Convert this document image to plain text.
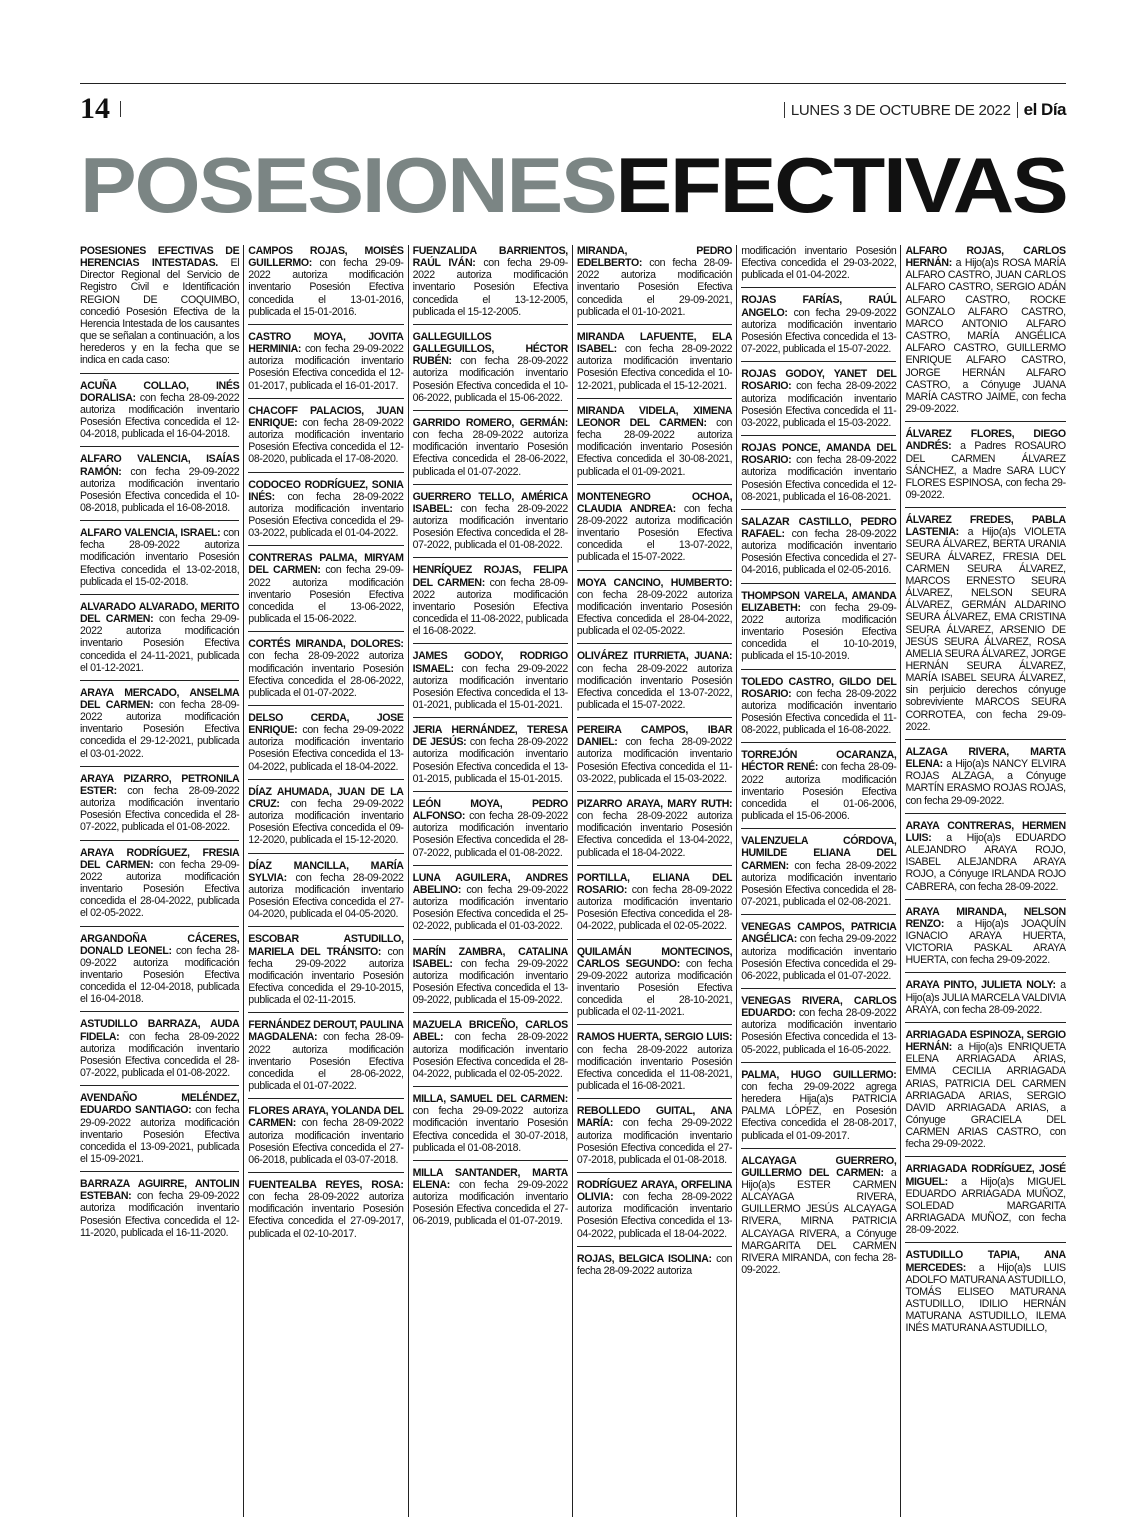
14	LUNES 3 DE OCTUBRE DE 2022 el Día
POSESIONESEFECTIVAS
POSESIONES EFECTIVAS DE HERENCIAS INTESTADAS. El Director Regional del Servicio de Registro Civil e Identificación REGION DE COQUIMBO, concedió Posesión Efectiva de la Herencia Intestada de los causantes que se señalan a continuación, a los herederos y en la fecha que se indica en cada caso:
ACUÑA COLLAO, INÉS DORALISA: con fecha 28-09-2022 autoriza modificación inventario Posesión Efectiva concedida el 12-04-2018, publicada el 16-04-2018.
ALFARO VALENCIA, ISAÍAS RAMÓN: con fecha 29-09-2022 autoriza modificación inventario Posesión Efectiva concedida el 10-08-2018, publicada el 16-08-2018.
ALFARO VALENCIA, ISRAEL: con fecha 28-09-2022 autoriza modificación inventario Posesión Efectiva concedida el 13-02-2018, publicada el 15-02-2018.
ALVARADO ALVARADO, MERITO DEL CARMEN: con fecha 29-09-2022 autoriza modificación inventario Posesión Efectiva concedida el 24-11-2021, publicada el 01-12-2021.
ARAYA MERCADO, ANSELMA DEL CARMEN: con fecha 28-09-2022 autoriza modificación inventario Posesión Efectiva concedida el 29-12-2021, publicada el 03-01-2022.
ARAYA PIZARRO, PETRONILA ESTER: con fecha 28-09-2022 autoriza modificación inventario Posesión Efectiva concedida el 28-07-2022, publicada el 01-08-2022.
ARAYA RODRÍGUEZ, FRESIA DEL CARMEN: con fecha 29-09-2022 autoriza modificación inventario Posesión Efectiva concedida el 28-04-2022, publicada el 02-05-2022.
ARGANDOÑA CÁCERES, DONALD LEONEL: con fecha 28-09-2022 autoriza modificación inventario Posesión Efectiva concedida el 12-04-2018, publicada el 16-04-2018.
ASTUDILLO BARRAZA, AUDA FIDELA: con fecha 28-09-2022 autoriza modificación inventario Posesión Efectiva concedida el 28-07-2022, publicada el 01-08-2022.
AVENDAÑO MELÉNDEZ, EDUARDO SANTIAGO: con fecha 29-09-2022 autoriza modificación inventario Posesión Efectiva concedida el 13-09-2021, publicada el 15-09-2021.
BARRAZA AGUIRRE, ANTOLIN ESTEBAN: con fecha 29-09-2022 autoriza modificación inventario Posesión Efectiva concedida el 12-11-2020, publicada el 16-11-2020.
CAMPOS ROJAS, MOISÉS GUILLERMO: con fecha 29-09-2022 autoriza modificación inventario Posesión Efectiva concedida el 13-01-2016, publicada el 15-01-2016.
CASTRO MOYA, JOVITA HERMINIA: con fecha 29-09-2022 autoriza modificación inventario Posesión Efectiva concedida el 12-01-2017, publicada el 16-01-2017.
CHACOFF PALACIOS, JUAN ENRIQUE: con fecha 28-09-2022 autoriza modificación inventario Posesión Efectiva concedida el 12-08-2020, publicada el 17-08-2020.
CODOCEO RODRÍGUEZ, SONIA INÉS: con fecha 28-09-2022 autoriza modificación inventario Posesión Efectiva concedida el 29-03-2022, publicada el 01-04-2022.
CONTRERAS PALMA, MIRYAM DEL CARMEN: con fecha 29-09-2022 autoriza modificación inventario Posesión Efectiva concedida el 13-06-2022, publicada el 15-06-2022.
CORTÉS MIRANDA, DOLORES: con fecha 28-09-2022 autoriza modificación inventario Posesión Efectiva concedida el 28-06-2022, publicada el 01-07-2022.
DELSO CERDA, JOSE ENRIQUE: con fecha 29-09-2022 autoriza modificación inventario Posesión Efectiva concedida el 13-04-2022, publicada el 18-04-2022.
DÍAZ AHUMADA, JUAN DE LA CRUZ: con fecha 29-09-2022 autoriza modificación inventario Posesión Efectiva concedida el 09-12-2020, publicada el 15-12-2020.
DÍAZ MANCILLA, MARÍA SYLVIA: con fecha 28-09-2022 autoriza modificación inventario Posesión Efectiva concedida el 27-04-2020, publicada el 04-05-2020.
ESCOBAR ASTUDILLO, MARIELA DEL TRÁNSITO: con fecha 29-09-2022 autoriza modificación inventario Posesión Efectiva concedida el 29-10-2015, publicada el 02-11-2015.
FERNÁNDEZ DEROUT, PAULINA MAGDALENA: con fecha 28-09-2022 autoriza modificación inventario Posesión Efectiva concedida el 28-06-2022, publicada el 01-07-2022.
FLORES ARAYA, YOLANDA DEL CARMEN: con fecha 28-09-2022 autoriza modificación inventario Posesión Efectiva concedida el 27-06-2018, publicada el 03-07-2018.
FUENTEALBA REYES, ROSA: con fecha 28-09-2022 autoriza modificación inventario Posesión Efectiva concedida el 27-09-2017, publicada el 02-10-2017.
FUENZALIDA BARRIENTOS, RAÚL IVÁN: con fecha 29-09-2022 autoriza modificación inventario Posesión Efectiva concedida el 13-12-2005, publicada el 15-12-2005.
GALLEGUILLOS GALLEGUILLOS, HÉCTOR RUBÉN: con fecha 28-09-2022 autoriza modificación inventario Posesión Efectiva concedida el 10-06-2022, publicada el 15-06-2022.
GARRIDO ROMERO, GERMÁN: con fecha 28-09-2022 autoriza modificación inventario Posesión Efectiva concedida el 28-06-2022, publicada el 01-07-2022.
GUERRERO TELLO, AMÉRICA ISABEL: con fecha 28-09-2022 autoriza modificación inventario Posesión Efectiva concedida el 28-07-2022, publicada el 01-08-2022.
HENRÍQUEZ ROJAS, FELIPA DEL CARMEN: con fecha 28-09-2022 autoriza modificación inventario Posesión Efectiva concedida el 11-08-2022, publicada el 16-08-2022.
JAMES GODOY, RODRIGO ISMAEL: con fecha 29-09-2022 autoriza modificación inventario Posesión Efectiva concedida el 13-01-2021, publicada el 15-01-2021.
JERIA HERNÁNDEZ, TERESA DE JESÚS: con fecha 28-09-2022 autoriza modificación inventario Posesión Efectiva concedida el 13-01-2015, publicada el 15-01-2015.
LEÓN MOYA, PEDRO ALFONSO: con fecha 28-09-2022 autoriza modificación inventario Posesión Efectiva concedida el 28-07-2022, publicada el 01-08-2022.
LUNA AGUILERA, ANDRES ABELINO: con fecha 29-09-2022 autoriza modificación inventario Posesión Efectiva concedida el 25-02-2022, publicada el 01-03-2022.
MARÍN ZAMBRA, CATALINA ISABEL: con fecha 29-09-2022 autoriza modificación inventario Posesión Efectiva concedida el 13-09-2022, publicada el 15-09-2022.
MAZUELA BRICEÑO, CARLOS ABEL: con fecha 28-09-2022 autoriza modificación inventario Posesión Efectiva concedida el 28-04-2022, publicada el 02-05-2022.
MILLA, SAMUEL DEL CARMEN: con fecha 29-09-2022 autoriza modificación inventario Posesión Efectiva concedida el 30-07-2018, publicada el 01-08-2018.
MILLA SANTANDER, MARTA ELENA: con fecha 29-09-2022 autoriza modificación inventario Posesión Efectiva concedida el 27-06-2019, publicada el 01-07-2019.
MIRANDA, PEDRO EDELBERTO: con fecha 28-09-2022 autoriza modificación inventario Posesión Efectiva concedida el 29-09-2021, publicada el 01-10-2021.
MIRANDA LAFUENTE, ELA ISABEL: con fecha 28-09-2022 autoriza modificación inventario Posesión Efectiva concedida el 10-12-2021, publicada el 15-12-2021.
MIRANDA VIDELA, XIMENA LEONOR DEL CARMEN: con fecha 28-09-2022 autoriza modificación inventario Posesión Efectiva concedida el 30-08-2021, publicada el 01-09-2021.
MONTENEGRO OCHOA, CLAUDIA ANDREA: con fecha 28-09-2022 autoriza modificación inventario Posesión Efectiva concedida el 13-07-2022, publicada el 15-07-2022.
MOYA CANCINO, HUMBERTO: con fecha 28-09-2022 autoriza modificación inventario Posesión Efectiva concedida el 28-04-2022, publicada el 02-05-2022.
OLIVÁREZ ITURRIETA, JUANA: con fecha 28-09-2022 autoriza modificación inventario Posesión Efectiva concedida el 13-07-2022, publicada el 15-07-2022.
PEREIRA CAMPOS, IBAR DANIEL: con fecha 28-09-2022 autoriza modificación inventario Posesión Efectiva concedida el 11-03-2022, publicada el 15-03-2022.
PIZARRO ARAYA, MARY RUTH: con fecha 28-09-2022 autoriza modificación inventario Posesión Efectiva concedida el 13-04-2022, publicada el 18-04-2022.
PORTILLA, ELIANA DEL ROSARIO: con fecha 28-09-2022 autoriza modificación inventario Posesión Efectiva concedida el 28-04-2022, publicada el 02-05-2022.
QUILAMÁN MONTECINOS, CARLOS SEGUNDO: con fecha 29-09-2022 autoriza modificación inventario Posesión Efectiva concedida el 28-10-2021, publicada el 02-11-2021.
RAMOS HUERTA, SERGIO LUIS: con fecha 28-09-2022 autoriza modificación inventario Posesión Efectiva concedida el 11-08-2021, publicada el 16-08-2021.
REBOLLEDO GUITAL, ANA MARÍA: con fecha 29-09-2022 autoriza modificación inventario Posesión Efectiva concedida el 27-07-2018, publicada el 01-08-2018.
RODRÍGUEZ ARAYA, ORFELINA OLIVIA: con fecha 28-09-2022 autoriza modificación inventario Posesión Efectiva concedida el 13-04-2022, publicada el 18-04-2022.
ROJAS, BELGICA ISOLINA: con fecha 28-09-2022 autoriza
modificación inventario Posesión Efectiva concedida el 29-03-2022, publicada el 01-04-2022.
ROJAS FARÍAS, RAÚL ANGELO: con fecha 29-09-2022 autoriza modificación inventario Posesión Efectiva concedida el 13-07-2022, publicada el 15-07-2022.
ROJAS GODOY, YANET DEL ROSARIO: con fecha 28-09-2022 autoriza modificación inventario Posesión Efectiva concedida el 11-03-2022, publicada el 15-03-2022.
ROJAS PONCE, AMANDA DEL ROSARIO: con fecha 28-09-2022 autoriza modificación inventario Posesión Efectiva concedida el 12-08-2021, publicada el 16-08-2021.
SALAZAR CASTILLO, PEDRO RAFAEL: con fecha 28-09-2022 autoriza modificación inventario Posesión Efectiva concedida el 27-04-2016, publicada el 02-05-2016.
THOMPSON VARELA, AMANDA ELIZABETH: con fecha 29-09-2022 autoriza modificación inventario Posesión Efectiva concedida el 10-10-2019, publicada el 15-10-2019.
TOLEDO CASTRO, GILDO DEL ROSARIO: con fecha 28-09-2022 autoriza modificación inventario Posesión Efectiva concedida el 11-08-2022, publicada el 16-08-2022.
TORREJÓN OCARANZA, HÉCTOR RENÉ: con fecha 28-09-2022 autoriza modificación inventario Posesión Efectiva concedida el 01-06-2006, publicada el 15-06-2006.
VALENZUELA CÓRDOVA, HUMILDE ELIANA DEL CARMEN: con fecha 28-09-2022 autoriza modificación inventario Posesión Efectiva concedida el 28-07-2021, publicada el 02-08-2021.
VENEGAS CAMPOS, PATRICIA ANGÉLICA: con fecha 29-09-2022 autoriza modificación inventario Posesión Efectiva concedida el 29-06-2022, publicada el 01-07-2022.
VENEGAS RIVERA, CARLOS EDUARDO: con fecha 28-09-2022 autoriza modificación inventario Posesión Efectiva concedida el 13-05-2022, publicada el 16-05-2022.
PALMA, HUGO GUILLERMO: con fecha 29-09-2022 agrega heredera Hija(a)s PATRICIA PALMA LÓPEZ, en Posesión Efectiva concedida el 28-08-2017, publicada el 01-09-2017.
ALCAYAGA GUERRERO, GUILLERMO DEL CARMEN: a Hijo(a)s ESTER CARMEN ALCAYAGA RIVERA, GUILLERMO JESÚS ALCAYAGA RIVERA, MIRNA PATRICIA ALCAYAGA RIVERA, a Cónyuge MARGARITA DEL CARMEN RIVERA MIRANDA, con fecha 28-09-2022.
ALFARO ROJAS, CARLOS HERNÁN: a Hijo(a)s ROSA MARÍA ALFARO CASTRO, JUAN CARLOS ALFARO CASTRO, SERGIO ADÁN ALFARO CASTRO, ROCKE GONZALO ALFARO CASTRO, MARCO ANTONIO ALFARO CASTRO, MARÍA ANGÉLICA ALFARO CASTRO, GUILLERMO ENRIQUE ALFARO CASTRO, JORGE HERNÁN ALFARO CASTRO, a Cónyuge JUANA MARÍA CASTRO JAIME, con fecha 29-09-2022.
ÁLVAREZ FLORES, DIEGO ANDRÉS: a Padres ROSAURO DEL CARMEN ÁLVAREZ SÁNCHEZ, a Madre SARA LUCY FLORES ESPINOSA, con fecha 29-09-2022.
ÁLVAREZ FREDES, PABLA LASTENIA: a Hijo(a)s VIOLETA SEURA ÁLVAREZ, BERTA URANIA SEURA ÁLVAREZ, FRESIA DEL CARMEN SEURA ÁLVAREZ, MARCOS ERNESTO SEURA ÁLVAREZ, NELSON SEURA ÁLVAREZ, GERMÁN ALDARINO SEURA ÁLVAREZ, EMA CRISTINA SEURA ÁLVAREZ, ARSENIO DE JESÚS SEURA ÁLVAREZ, ROSA AMELIA SEURA ÁLVAREZ, JORGE HERNÁN SEURA ÁLVAREZ, MARÍA ISABEL SEURA ÁLVAREZ, sin perjuicio derechos cónyuge sobreviviente MARCOS SEURA CORROTEA, con fecha 29-09-2022.
ALZAGA RIVERA, MARTA ELENA: a Hijo(a)s NANCY ELVIRA ROJAS ALZAGA, a Cónyuge MARTÍN ERASMO ROJAS ROJAS, con fecha 29-09-2022.
ARAYA CONTRERAS, HERMEN LUIS: a Hijo(a)s EDUARDO ALEJANDRO ARAYA ROJO, ISABEL ALEJANDRA ARAYA ROJO, a Cónyuge IRLANDA ROJO CABRERA, con fecha 28-09-2022.
ARAYA MIRANDA, NELSON RENZO: a Hijo(a)s JOAQUÍN IGNACIO ARAYA HUERTA, VICTORIA PASKAL ARAYA HUERTA, con fecha 29-09-2022.
ARAYA PINTO, JULIETA NOLY: a Hijo(a)s JULIA MARCELA VALDIVIA ARAYA, con fecha 28-09-2022.
ARRIAGADA ESPINOZA, SERGIO HERNÁN: a Hijo(a)s ENRIQUETA ELENA ARRIAGADA ARIAS, EMMA CECILIA ARRIAGADA ARIAS, PATRICIA DEL CARMEN ARRIAGADA ARIAS, SERGIO DAVID ARRIAGADA ARIAS, a Cónyuge GRACIELA DEL CARMEN ARIAS CASTRO, con fecha 29-09-2022.
ARRIAGADA RODRÍGUEZ, JOSÉ MIGUEL: a Hijo(a)s MIGUEL EDUARDO ARRIAGADA MUÑOZ, SOLEDAD MARGARITA ARRIAGADA MUÑOZ, con fecha 28-09-2022.
ASTUDILLO TAPIA, ANA MERCEDES: a Hijo(a)s LUIS ADOLFO MATURANA ASTUDILLO, TOMÁS ELISEO MATURANA ASTUDILLO, IDILIO HERNÁN MATURANA ASTUDILLO, ILEMA INÉS MATURANA ASTUDILLO,
